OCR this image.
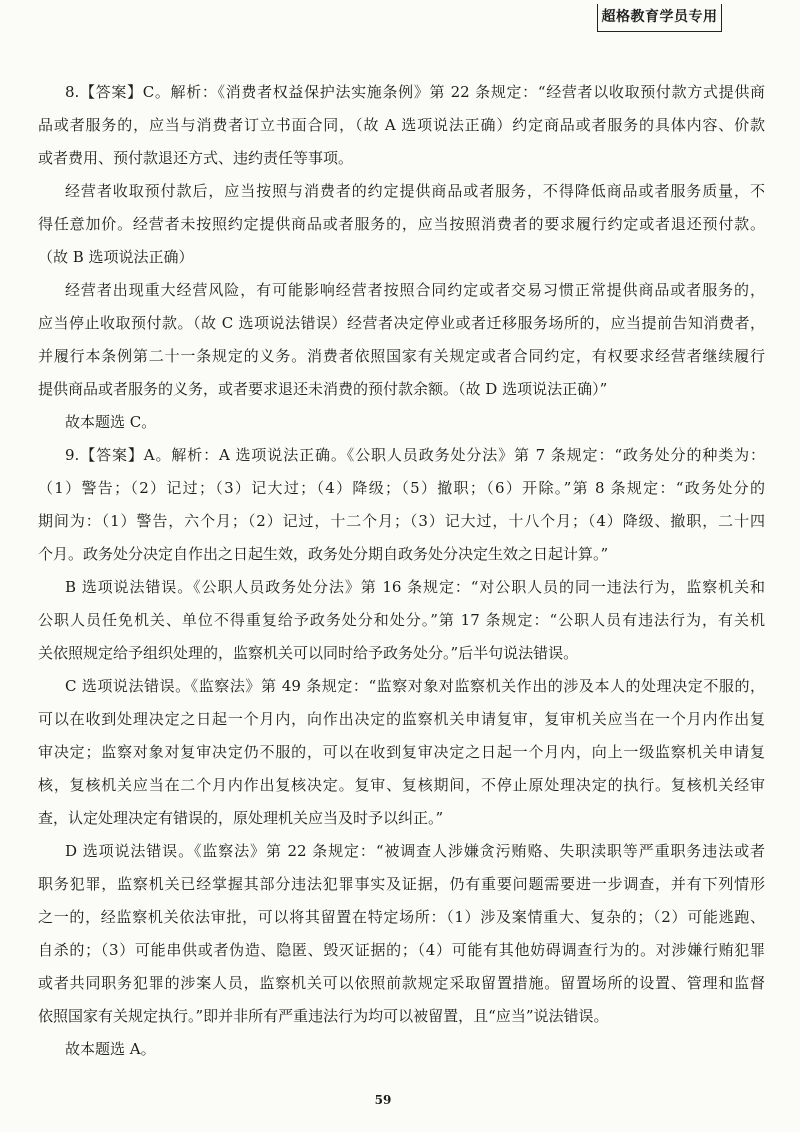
超格教育学员专用
8.【答案】C。解析：《消费者权益保护法实施条例》第 22 条规定：“经营者以收取预付款方式提供商
品或者服务的，应当与消费者订立书面合同，（故 A 选项说法正确）约定商品或者服务的具体内容、价款
或者费用、预付款退还方式、违约责任等事项。
经营者收取预付款后，应当按照与消费者的约定提供商品或者服务，不得降低商品或者服务质量，不
得任意加价。经营者未按照约定提供商品或者服务的，应当按照消费者的要求履行约定或者退还预付款。
（故 B 选项说法正确）
经营者出现重大经营风险，有可能影响经营者按照合同约定或者交易习惯正常提供商品或者服务的，
应当停止收取预付款。（故 C 选项说法错误）经营者决定停业或者迁移服务场所的，应当提前告知消费者，
并履行本条例第二十一条规定的义务。消费者依照国家有关规定或者合同约定，有权要求经营者继续履行
提供商品或者服务的义务，或者要求退还未消费的预付款余额。（故 D 选项说法正确）”
故本题选 C。
9.【答案】A。解析：A 选项说法正确。《公职人员政务处分法》第 7 条规定：“政务处分的种类为：
（1）警告；（2）记过；（3）记大过；（4）降级；（5）撤职；（6）开除。”第 8 条规定：“政务处分的
期间为：（1）警告，六个月；（2）记过，十二个月；（3）记大过，十八个月；（4）降级、撤职，二十四
个月。政务处分决定自作出之日起生效，政务处分期自政务处分决定生效之日起计算。”
B 选项说法错误。《公职人员政务处分法》第 16 条规定：“对公职人员的同一违法行为，监察机关和
公职人员任免机关、单位不得重复给予政务处分和处分。”第 17 条规定：“公职人员有违法行为，有关机
关依照规定给予组织处理的，监察机关可以同时给予政务处分。”后半句说法错误。
C 选项说法错误。《监察法》第 49 条规定：“监察对象对监察机关作出的涉及本人的处理决定不服的，
可以在收到处理决定之日起一个月内，向作出决定的监察机关申请复审，复审机关应当在一个月内作出复
审决定；监察对象对复审决定仍不服的，可以在收到复审决定之日起一个月内，向上一级监察机关申请复
核，复核机关应当在二个月内作出复核决定。复审、复核期间，不停止原处理决定的执行。复核机关经审
查，认定处理决定有错误的，原处理机关应当及时予以纠正。”
D 选项说法错误。《监察法》第 22 条规定：“被调查人涉嫌贪污贿赂、失职渎职等严重职务违法或者
职务犯罪，监察机关已经掌握其部分违法犯罪事实及证据，仍有重要问题需要进一步调查，并有下列情形
之一的，经监察机关依法审批，可以将其留置在特定场所：（1）涉及案情重大、复杂的；（2）可能逃跑、
自杀的；（3）可能串供或者伪造、隐匿、毁灭证据的；（4）可能有其他妨碍调查行为的。对涉嫌行贿犯罪
或者共同职务犯罪的涉案人员，监察机关可以依照前款规定采取留置措施。留置场所的设置、管理和监督
依照国家有关规定执行。”即并非所有严重违法行为均可以被留置，且“应当”说法错误。
故本题选 A。
59
